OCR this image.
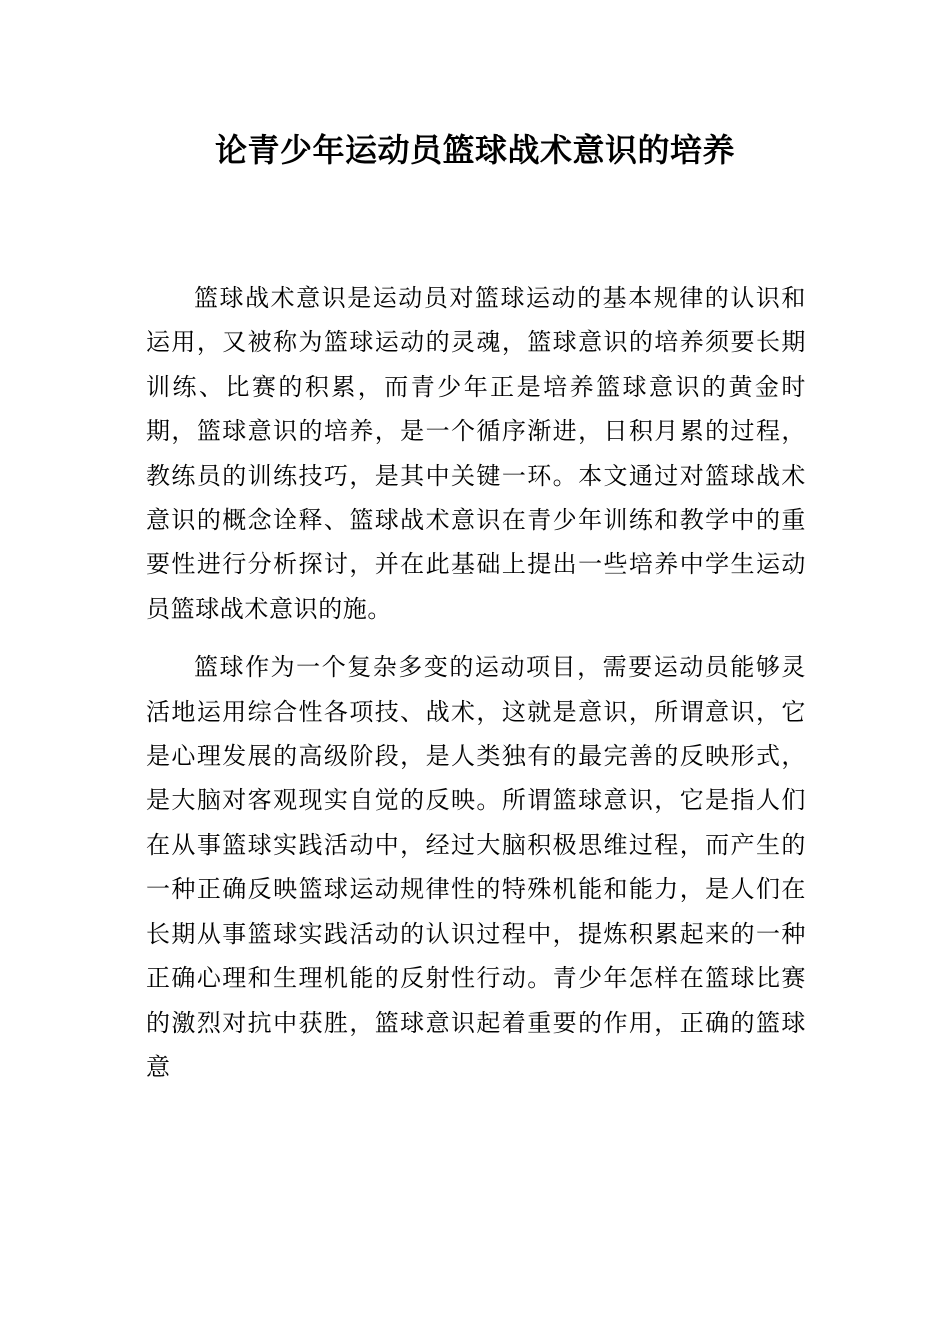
论青少年运动员篮球战术意识的培养

篮球战术意识是运动员对篮球运动的基本规律的认识和运用，又被称为篮球运动的灵魂，篮球意识的培养须要长期训练、比赛的积累，而青少年正是培养篮球意识的黄金时期，篮球意识的培养，是一个循序渐进，日积月累的过程，教练员的训练技巧，是其中关键一环。本文通过对篮球战术意识的概念诠释、篮球战术意识在青少年训练和教学中的重要性进行分析探讨，并在此基础上提出一些培养中学生运动员篮球战术意识的施。

篮球作为一个复杂多变的运动项目，需要运动员能够灵活地运用综合性各项技、战术，这就是意识，所谓意识，它是心理发展的高级阶段，是人类独有的最完善的反映形式，是大脑对客观现实自觉的反映。所谓篮球意识，它是指人们在从事篮球实践活动中，经过大脑积极思维过程，而产生的一种正确反映篮球运动规律性的特殊机能和能力，是人们在长期从事篮球实践活动的认识过程中，提炼积累起来的一种正确心理和生理机能的反射性行动。青少年怎样在篮球比赛的激烈对抗中获胜，篮球意识起着重要的作用，正确的篮球意
